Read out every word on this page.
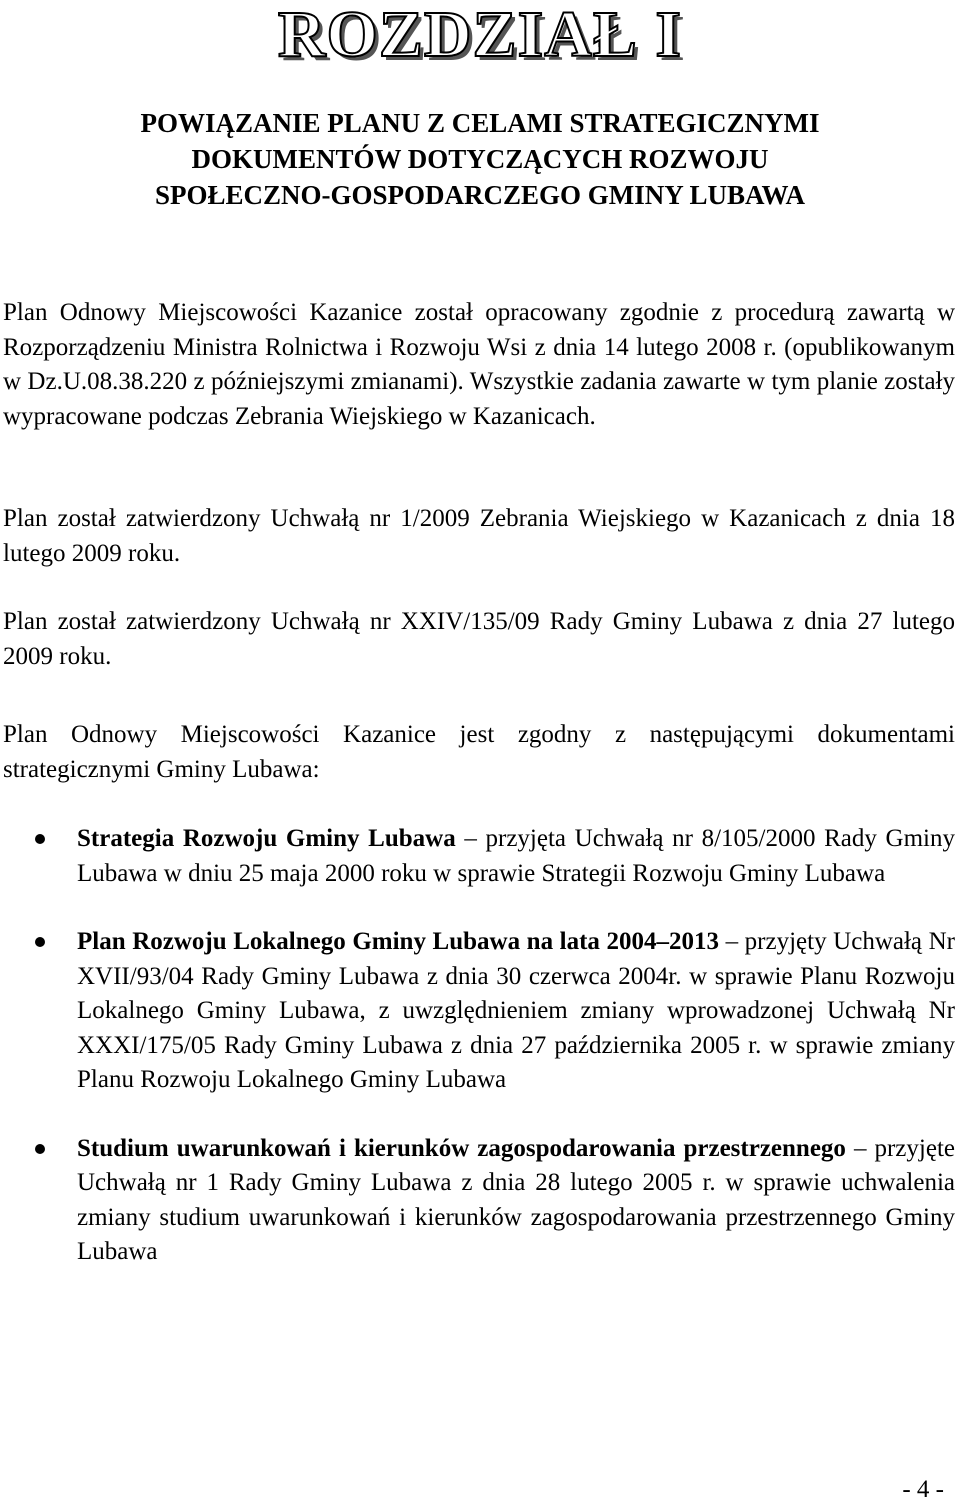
ROZDZIAŁ I
POWIĄZANIE PLANU Z CELAMI STRATEGICZNYMI
DOKUMENTÓW DOTYCZĄCYCH ROZWOJU
SPOŁECZNO-GOSPODARCZEGO GMINY LUBAWA

Plan Odnowy Miejscowości Kazanice został opracowany zgodnie z procedurą zawartą w Rozporządzeniu Ministra Rolnictwa i Rozwoju Wsi z dnia 14 lutego 2008 r. (opublikowanym w Dz.U.08.38.220 z późniejszymi zmianami). Wszystkie zadania zawarte w tym planie zostały wypracowane podczas Zebrania Wiejskiego w Kazanicach.

Plan został zatwierdzony Uchwałą nr 1/2009 Zebrania Wiejskiego w Kazanicach z dnia 18 lutego 2009 roku.

Plan został zatwierdzony Uchwałą nr XXIV/135/09 Rady Gminy Lubawa z dnia 27 lutego 2009 roku.

Plan Odnowy Miejscowości Kazanice jest zgodny z następującymi dokumentami strategicznymi Gminy Lubawa:

Strategia Rozwoju Gminy Lubawa – przyjęta Uchwałą nr 8/105/2000 Rady Gminy Lubawa w dniu 25 maja 2000 roku w sprawie Strategii Rozwoju Gminy Lubawa
Plan Rozwoju Lokalnego Gminy Lubawa na lata 2004–2013 – przyjęty Uchwałą Nr XVII/93/04 Rady Gminy Lubawa z dnia 30 czerwca 2004r. w sprawie Planu Rozwoju Lokalnego Gminy Lubawa, z uwzględnieniem zmiany wprowadzonej Uchwałą Nr XXXI/175/05 Rady Gminy Lubawa z dnia 27 października 2005 r. w sprawie zmiany Planu Rozwoju Lokalnego Gminy Lubawa
Studium uwarunkowań i kierunków zagospodarowania przestrzennego – przyjęte Uchwałą nr 1 Rady Gminy Lubawa z dnia 28 lutego 2005 r. w sprawie uchwalenia zmiany studium uwarunkowań i kierunków zagospodarowania przestrzennego Gminy Lubawa
- 4 -
